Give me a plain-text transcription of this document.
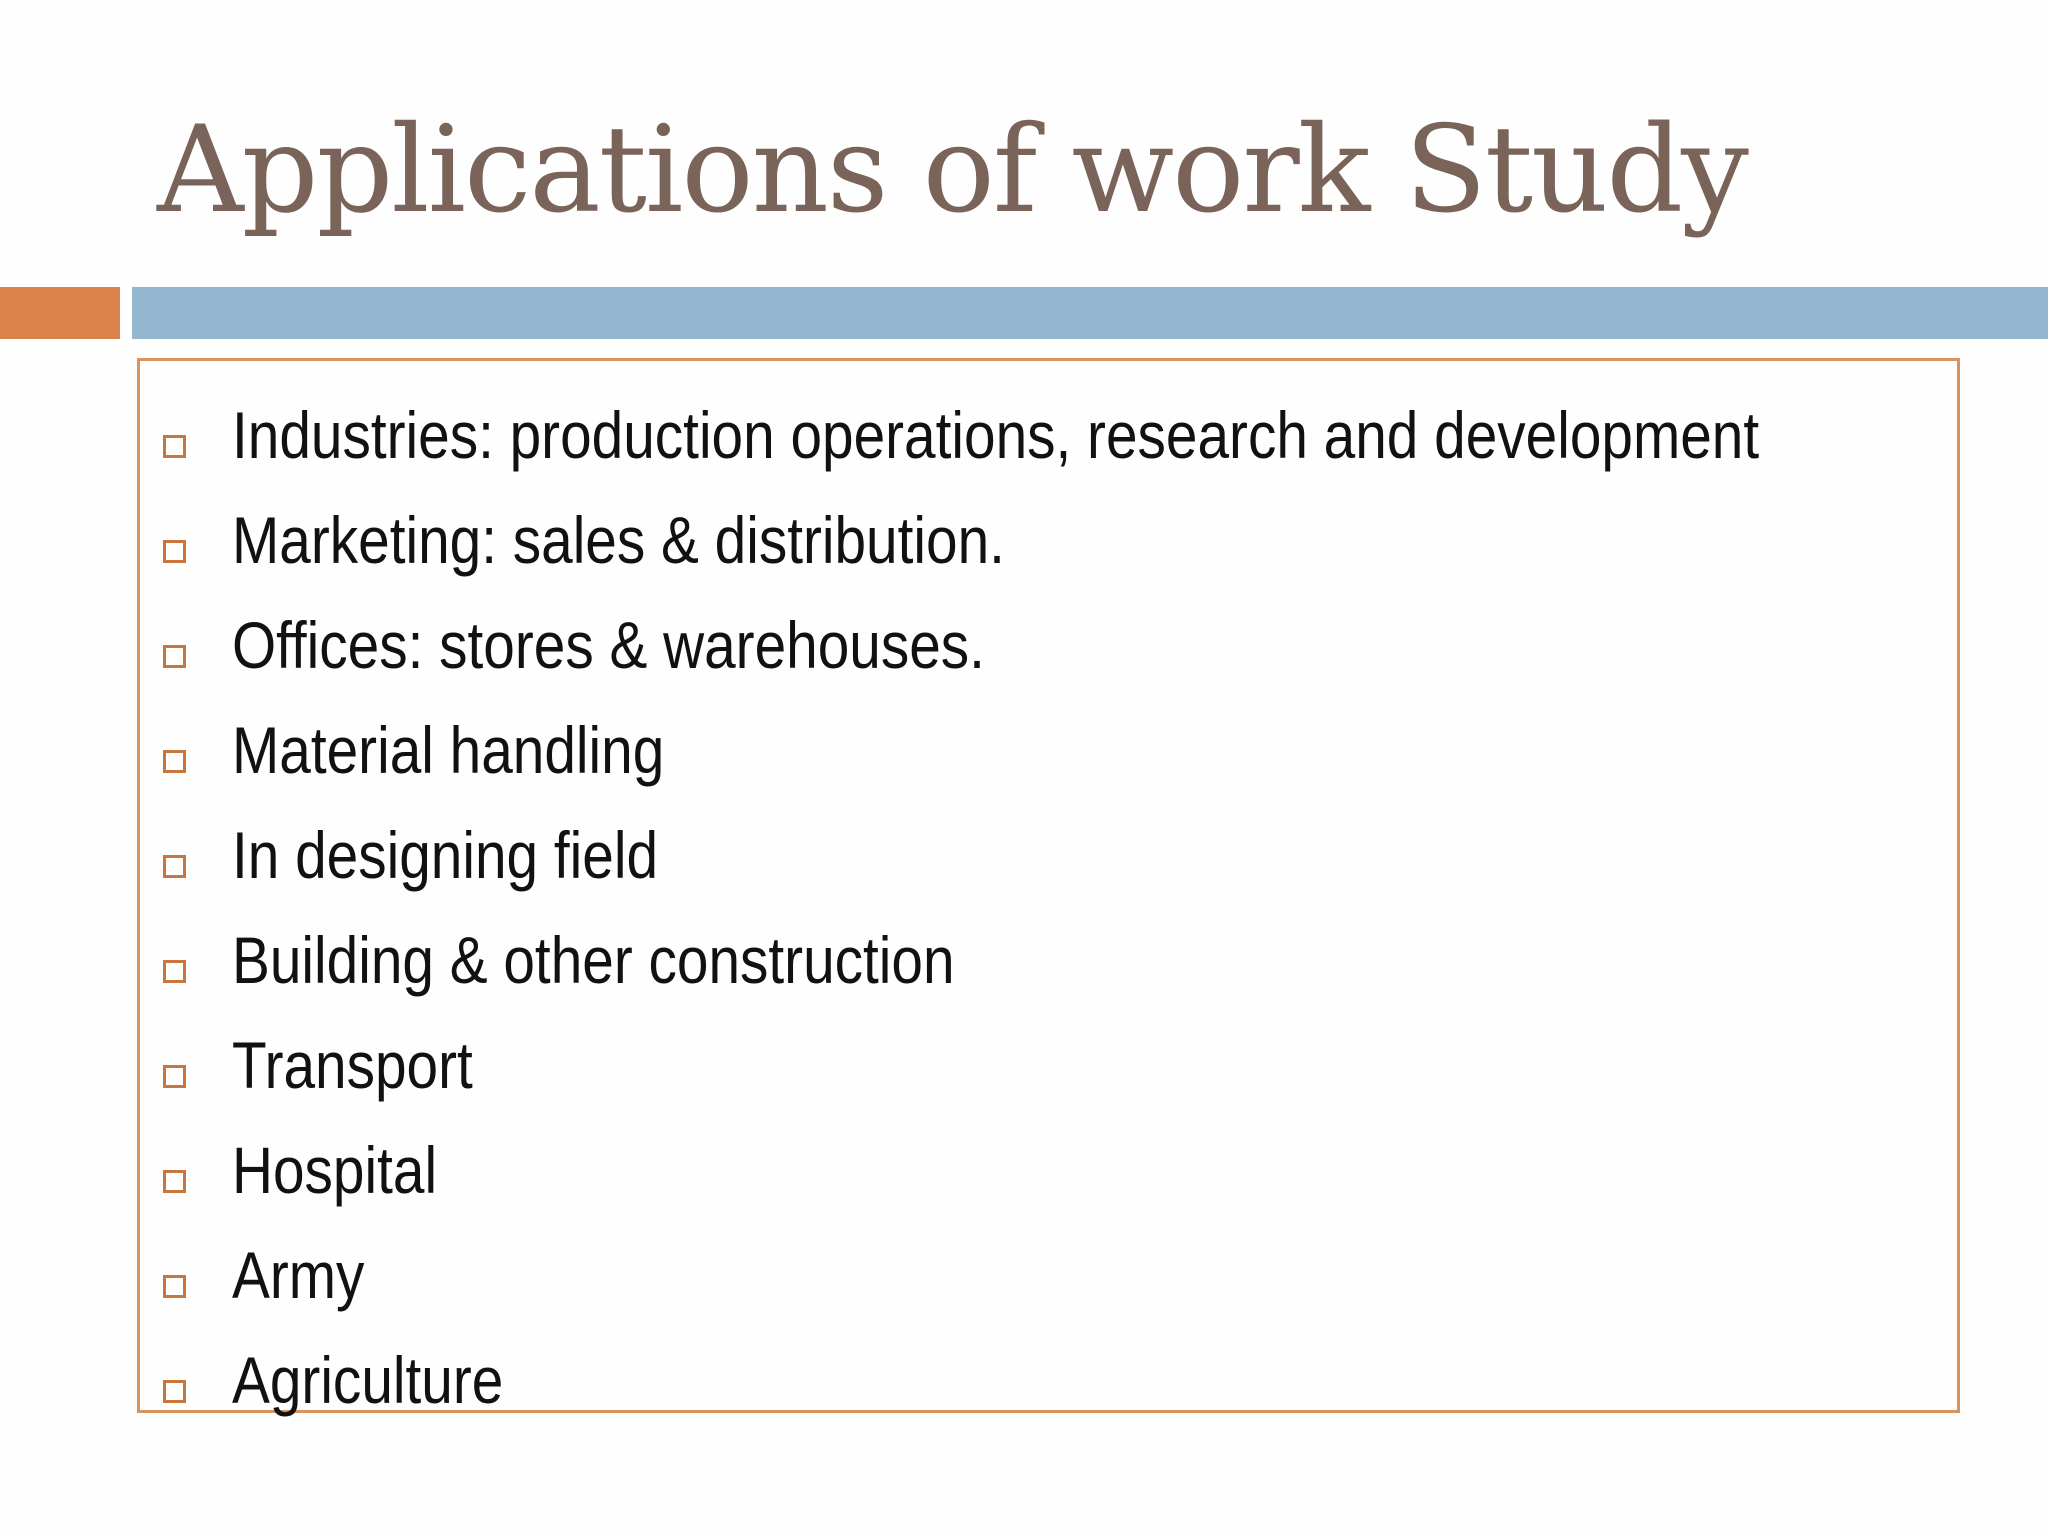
Applications of work Study
Industries: production operations, research and development
Marketing: sales & distribution.
Offices: stores & warehouses.
Material handling
In designing field
Building & other construction
Transport
Hospital
Army
Agriculture
